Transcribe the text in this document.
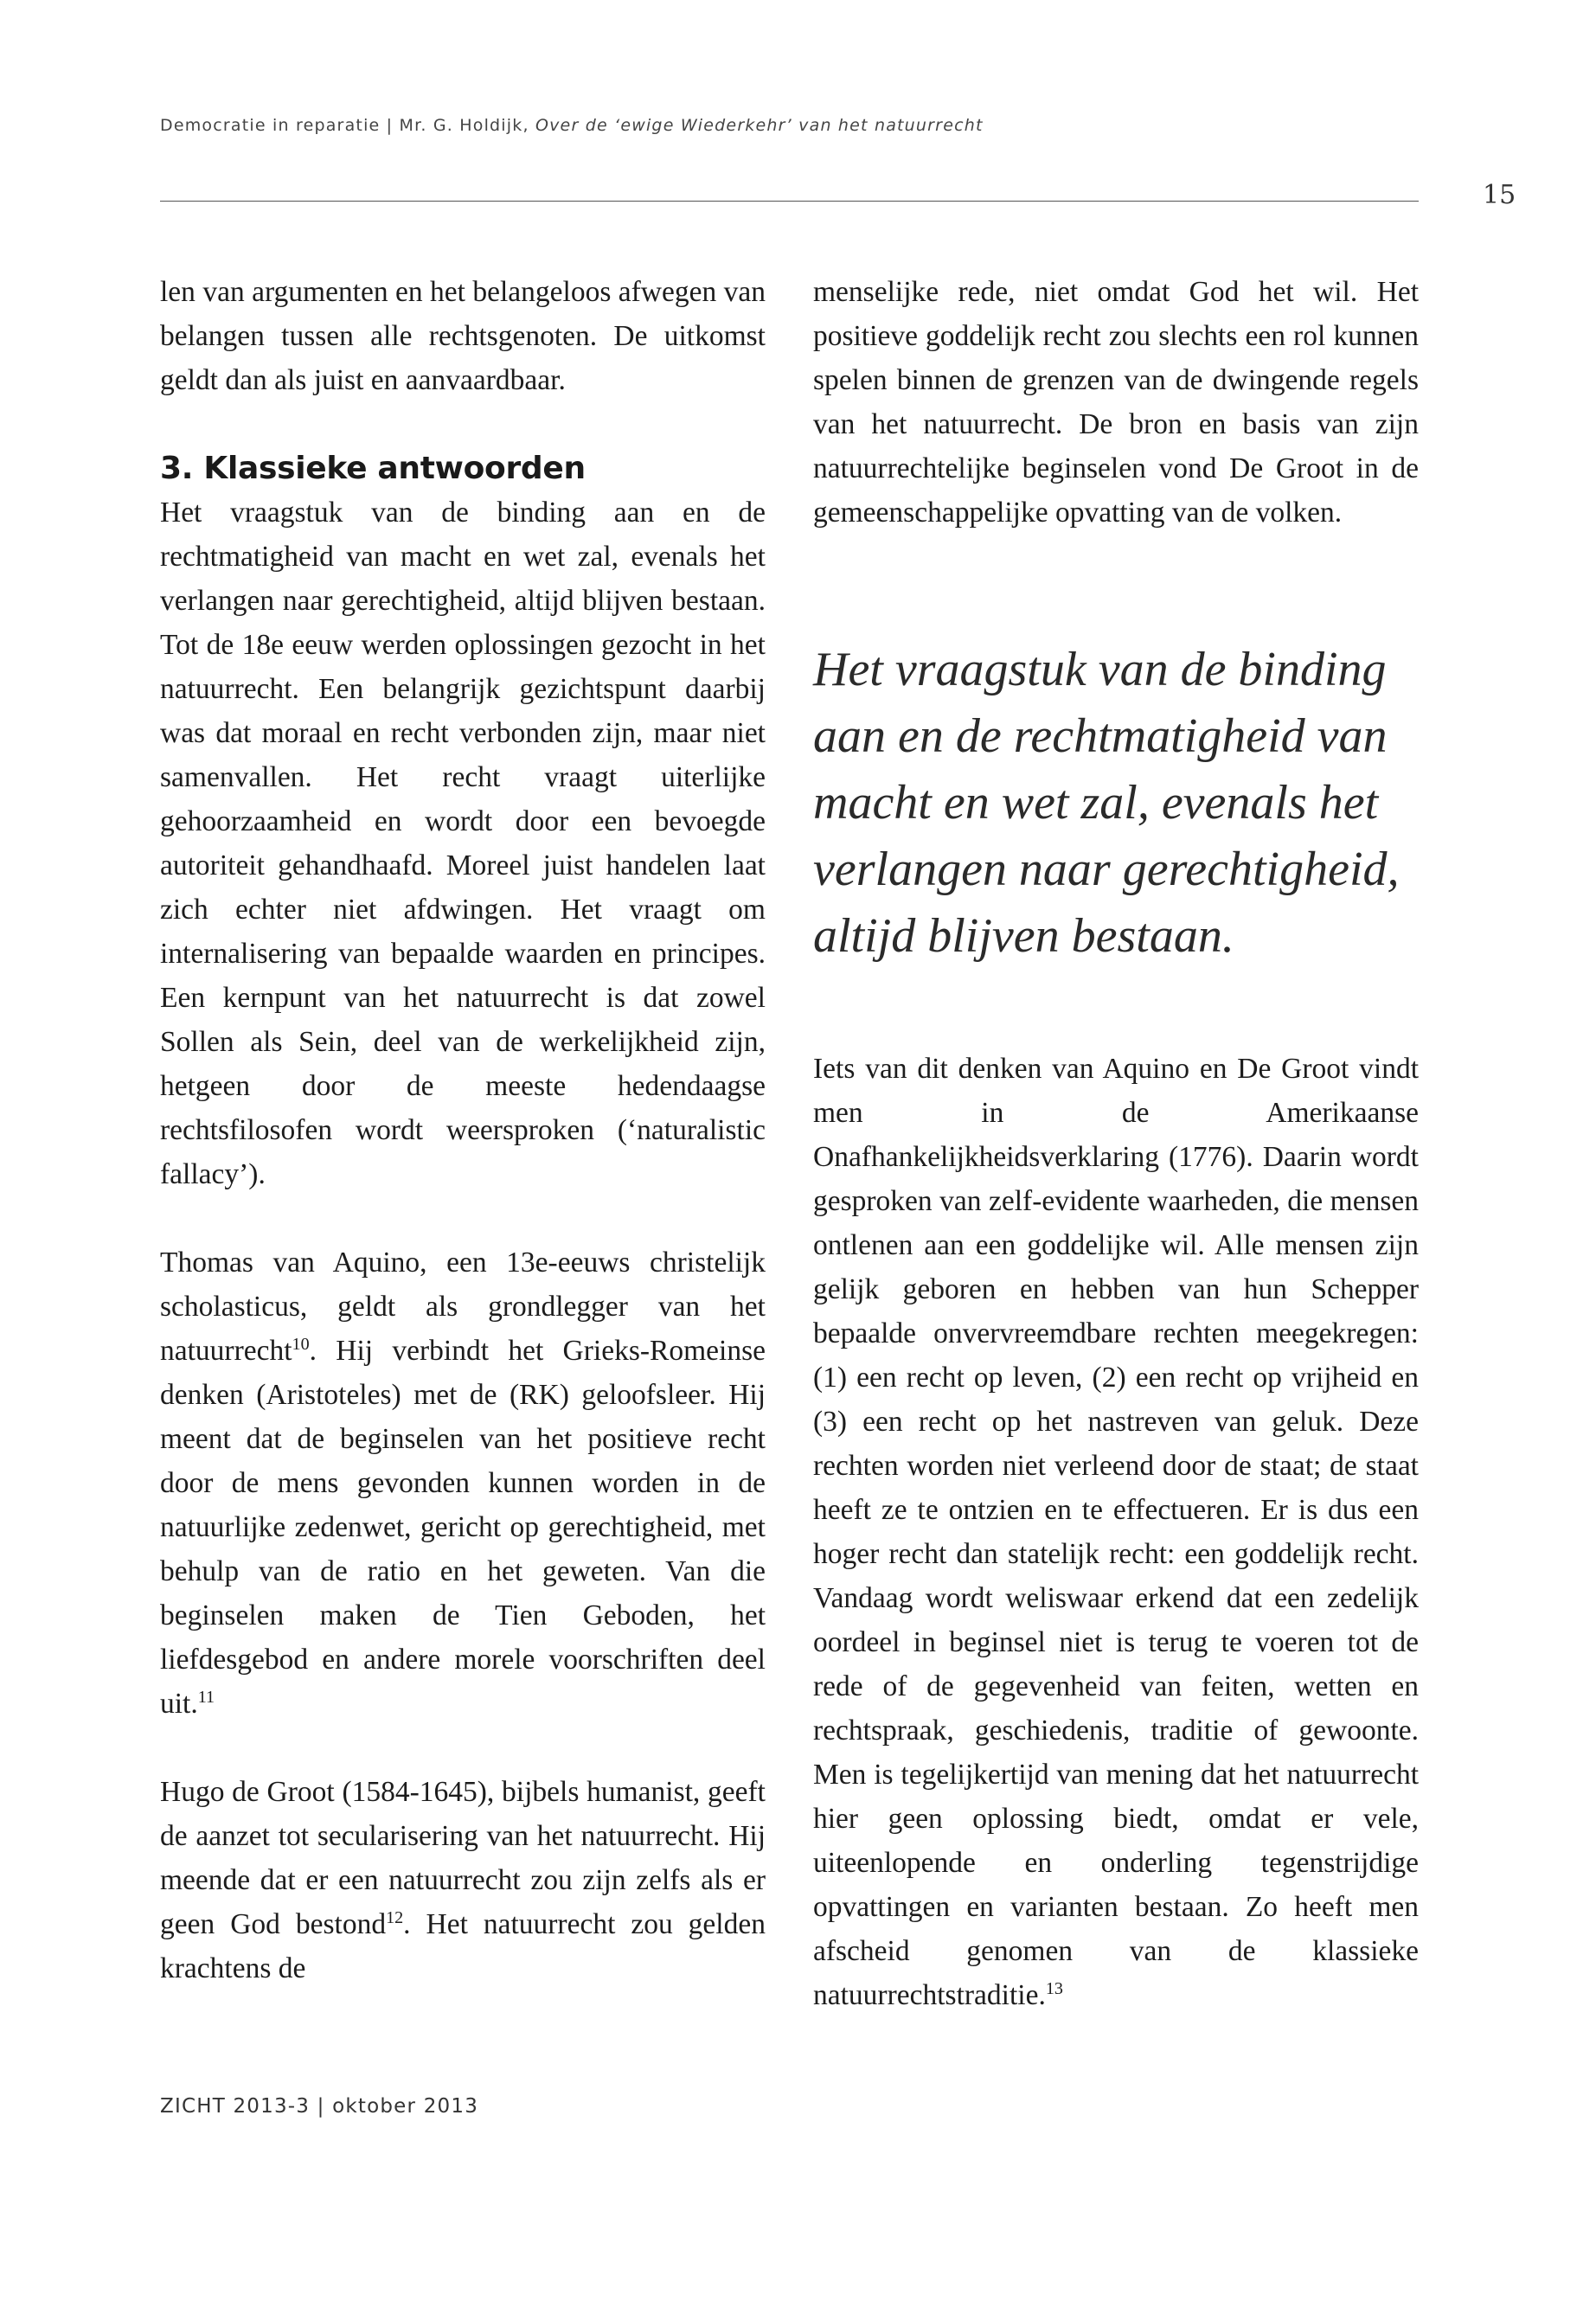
Democratie in reparatie | Mr. G. Holdijk, Over de ‘ewige Wiederkehr’ van het natuurrecht
15

len van argumenten en het belangeloos afwegen van belangen tussen alle rechtsgenoten. De uitkomst geldt dan als juist en aanvaardbaar.

3. Klassieke antwoorden

Het vraagstuk van de binding aan en de rechtmatigheid van macht en wet zal, evenals het verlangen naar gerechtigheid, altijd blijven bestaan. Tot de 18e eeuw werden oplossingen gezocht in het natuurrecht. Een belangrijk gezichtspunt daarbij was dat moraal en recht verbonden zijn, maar niet samenvallen. Het recht vraagt uiterlijke gehoorzaamheid en wordt door een bevoegde autoriteit gehandhaafd. Moreel juist handelen laat zich echter niet afdwingen. Het vraagt om internalisering van bepaalde waarden en principes. Een kernpunt van het natuurrecht is dat zowel Sollen als Sein, deel van de werkelijkheid zijn, hetgeen door de meeste hedendaagse rechtsfilosofen wordt weersproken (‘naturalistic fallacy’).

Thomas van Aquino, een 13e-eeuws christelijk scholasticus, geldt als grondlegger van het natuurrecht$^{10}$. Hij verbindt het Grieks-Romeinse denken (Aristoteles) met de (RK) geloofsleer. Hij meent dat de beginselen van het positieve recht door de mens gevonden kunnen worden in de natuurlijke zedenwet, gericht op gerechtigheid, met behulp van de ratio en het geweten. Van die beginselen maken de Tien Geboden, het liefdesgebod en andere morele voorschriften deel uit.$^{11}$

Hugo de Groot (1584-1645), bijbels humanist, geeft de aanzet tot secularisering van het natuurrecht. Hij meende dat er een natuurrecht zou zijn zelfs als er geen God bestond$^{12}$. Het natuurrecht zou gelden krachtens de

menselijke rede, niet omdat God het wil. Het positieve goddelijk recht zou slechts een rol kunnen spelen binnen de grenzen van de dwingende regels van het natuurrecht. De bron en basis van zijn natuurrechtelijke beginselen vond De Groot in de gemeenschappelijke opvatting van de volken.

Het vraagstuk van de binding aan en de rechtmatigheid van macht en wet zal, evenals het verlangen naar gerechtigheid, altijd blijven bestaan.

Iets van dit denken van Aquino en De Groot vindt men in de Amerikaanse Onafhankelijkheidsverklaring (1776). Daarin wordt gesproken van zelf-evidente waarheden, die mensen ontlenen aan een goddelijke wil. Alle mensen zijn gelijk geboren en hebben van hun Schepper bepaalde onvervreemdbare rechten meegekregen: (1) een recht op leven, (2) een recht op vrijheid en (3) een recht op het nastreven van geluk. Deze rechten worden niet verleend door de staat; de staat heeft ze te ontzien en te effectueren. Er is dus een hoger recht dan statelijk recht: een goddelijk recht. Vandaag wordt weliswaar erkend dat een zedelijk oordeel in beginsel niet is terug te voeren tot de rede of de gegevenheid van feiten, wetten en rechtspraak, geschiedenis, traditie of gewoonte. Men is tegelijkertijd van mening dat het natuurrecht hier geen oplossing biedt, omdat er vele, uiteenlopende en onderling tegenstrijdige opvattingen en varianten bestaan. Zo heeft men afscheid genomen van de klassieke natuurrechtstraditie.$^{13}$

ZICHT 2013-3 | oktober 2013
